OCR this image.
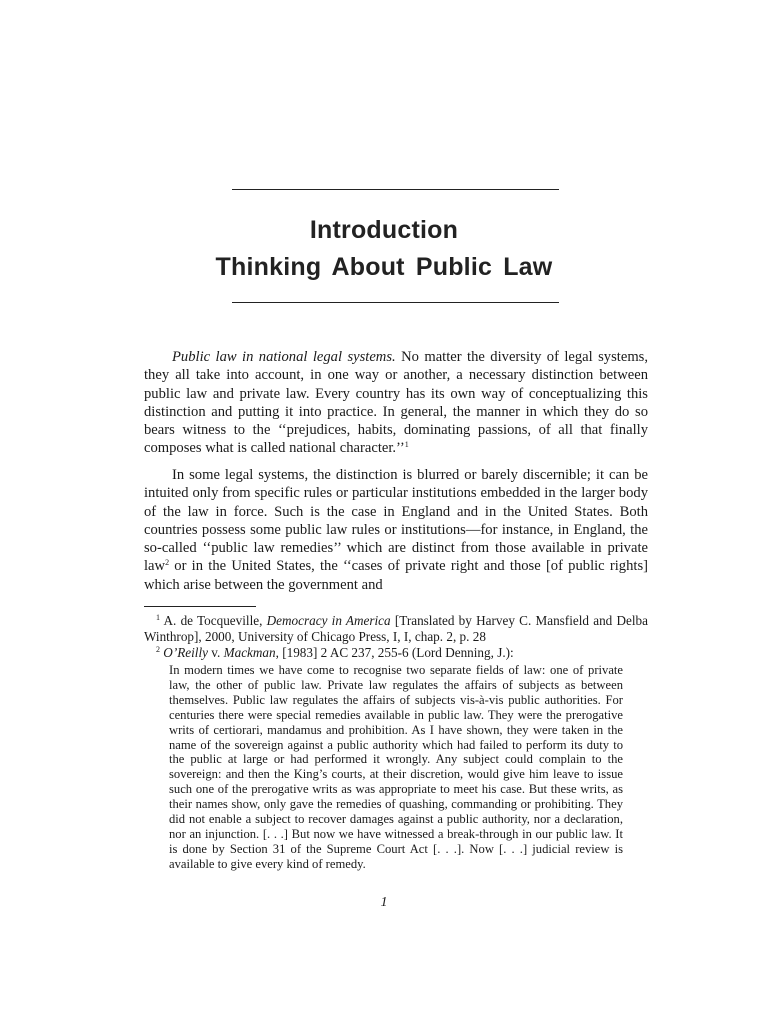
Introduction
Thinking About Public Law

Public law in national legal systems. No matter the diversity of legal systems, they all take into account, in one way or another, a necessary distinction between public law and private law. Every country has its own way of conceptualizing this distinction and putting it into practice. In general, the manner in which they do so bears witness to the ‘‘prejudices, habits, dominating passions, of all that finally composes what is called national character.’’$^1$

In some legal systems, the distinction is blurred or barely discernible; it can be intuited only from specific rules or particular institutions embedded in the larger body of the law in force. Such is the case in England and in the United States. Both countries possess some public law rules or institutions—for instance, in England, the so-called ‘‘public law remedies’’ which are distinct from those available in private law$^2$ or in the United States, the ‘‘cases of private right and those [of public rights] which arise between the government and

$^1$ A. de Tocqueville, Democracy in America [Translated by Harvey C. Mansfield and Delba Winthrop], 2000, University of Chicago Press, I, I, chap. 2, p. 28

$^2$ O’Reilly v. Mackman, [1983] 2 AC 237, 255-6 (Lord Denning, J.):

In modern times we have come to recognise two separate fields of law: one of private law, the other of public law. Private law regulates the affairs of subjects as between themselves. Public law regulates the affairs of subjects vis-à-vis public authorities. For centuries there were special remedies available in public law. They were the prerogative writs of certiorari, mandamus and prohibition. As I have shown, they were taken in the name of the sovereign against a public authority which had failed to perform its duty to the public at large or had performed it wrongly. Any subject could complain to the sovereign: and then the King’s courts, at their discretion, would give him leave to issue such one of the prerogative writs as was appropriate to meet his case. But these writs, as their names show, only gave the remedies of quashing, commanding or prohibiting. They did not enable a subject to recover damages against a public authority, nor a declaration, nor an injunction. [. . .] But now we have witnessed a break-through in our public law. It is done by Section 31 of the Supreme Court Act [. . .]. Now [. . .] judicial review is available to give every kind of remedy.

1
